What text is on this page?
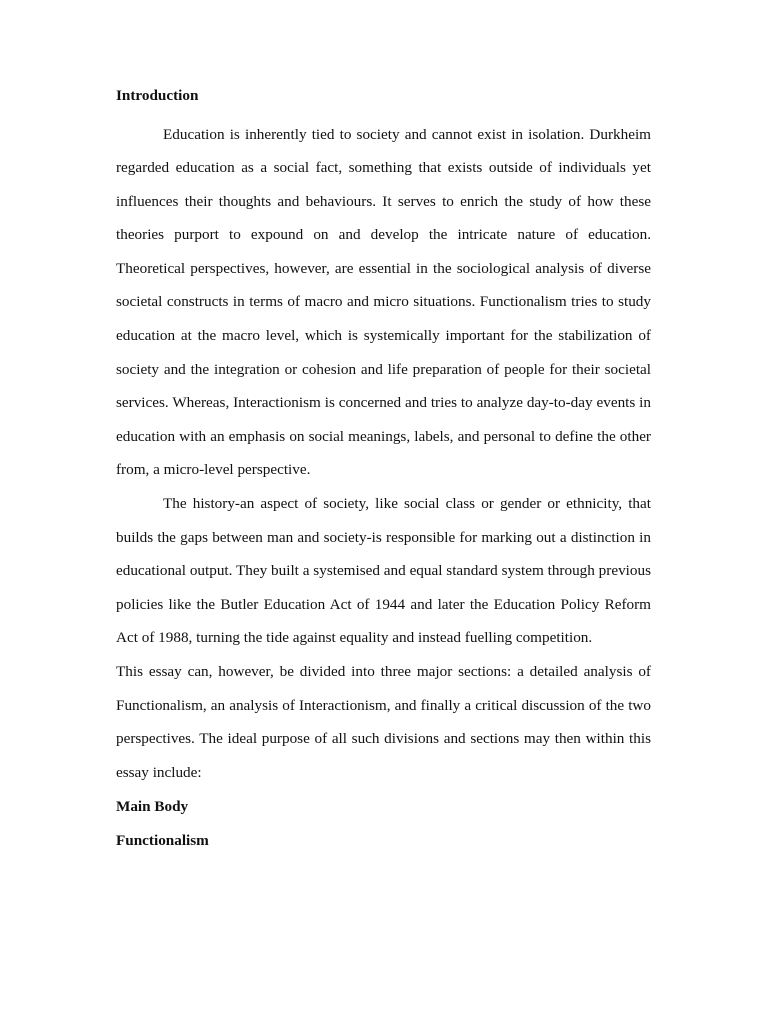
Introduction

Education is inherently tied to society and cannot exist in isolation. Durkheim regarded education as a social fact, something that exists outside of individuals yet influences their thoughts and behaviours. It serves to enrich the study of how these theories purport to expound on and develop the intricate nature of education. Theoretical perspectives, however, are essential in the sociological analysis of diverse societal constructs in terms of macro and micro situations. Functionalism tries to study education at the macro level, which is systemically important for the stabilization of society and the integration or cohesion and life preparation of people for their societal services. Whereas, Interactionism is concerned and tries to analyze day-to-day events in education with an emphasis on social meanings, labels, and personal to define the other from, a micro-level perspective.

The history-an aspect of society, like social class or gender or ethnicity, that builds the gaps between man and society-is responsible for marking out a distinction in educational output. They built a systemised and equal standard system through previous policies like the Butler Education Act of 1944 and later the Education Policy Reform Act of 1988, turning the tide against equality and instead fuelling competition.

This essay can, however, be divided into three major sections: a detailed analysis of Functionalism, an analysis of Interactionism, and finally a critical discussion of the two perspectives. The ideal purpose of all such divisions and sections may then within this essay include:

Main Body
Functionalism
